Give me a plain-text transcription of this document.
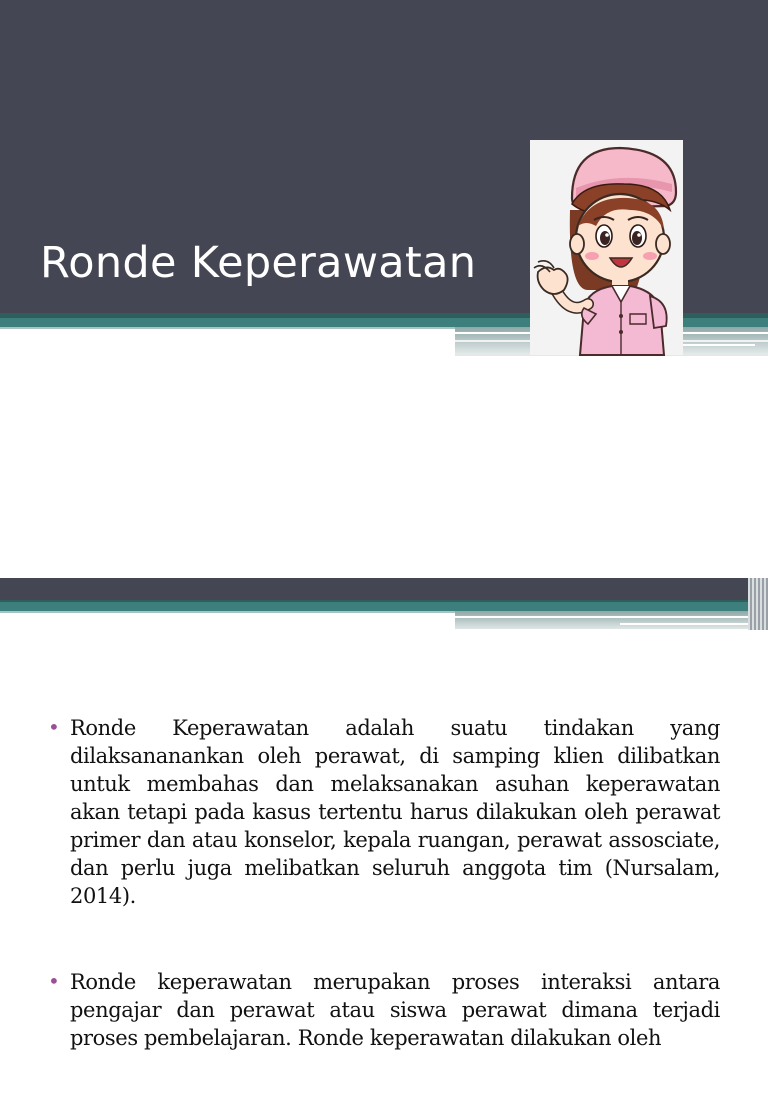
Ronde Keperawatan
• Ronde Keperawatan adalah suatu tindakan yang dilaksananankan oleh perawat, di samping klien dilibatkan untuk membahas dan melaksanakan asuhan keperawatan akan tetapi pada kasus tertentu harus dilakukan oleh perawat primer dan atau konselor, kepala ruangan, perawat assosciate, dan perlu juga melibatkan seluruh anggota tim (Nursalam, 2014).
• Ronde keperawatan merupakan proses interaksi antara pengajar dan perawat atau siswa perawat dimana terjadi proses pembelajaran. Ronde keperawatan dilakukan oleh
